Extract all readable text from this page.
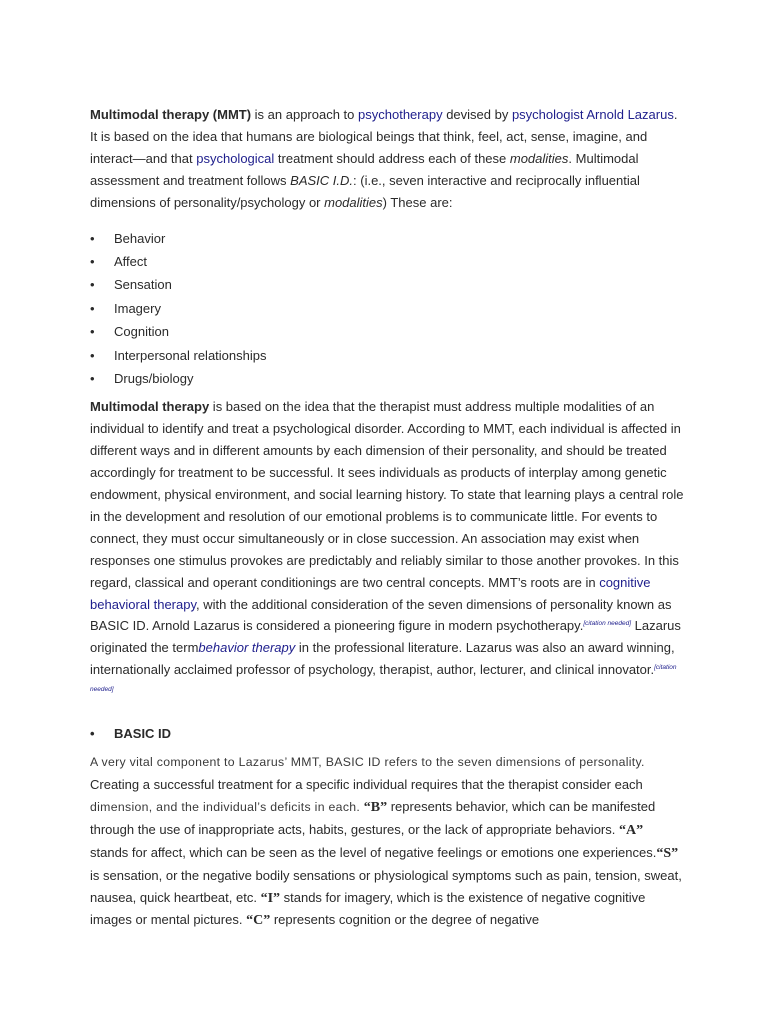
Multimodal therapy (MMT) is an approach to psychotherapy devised by psychologist Arnold Lazarus. It is based on the idea that humans are biological beings that think, feel, act, sense, imagine, and interact—and that psychological treatment should address each of these modalities. Multimodal assessment and treatment follows BASIC I.D.: (i.e., seven interactive and reciprocally influential dimensions of personality/psychology or modalities) These are:

• Behavior
• Affect
• Sensation
• Imagery
• Cognition
• Interpersonal relationships
• Drugs/biology

Multimodal therapy is based on the idea that the therapist must address multiple modalities of an individual to identify and treat a psychological disorder. According to MMT, each individual is affected in different ways and in different amounts by each dimension of their personality, and should be treated accordingly for treatment to be successful. It sees individuals as products of interplay among genetic endowment, physical environment, and social learning history. To state that learning plays a central role in the development and resolution of our emotional problems is to communicate little. For events to connect, they must occur simultaneously or in close succession. An association may exist when responses one stimulus provokes are predictably and reliably similar to those another provokes. In this regard, classical and operant conditionings are two central concepts. MMT’s roots are in cognitive behavioral therapy, with the additional consideration of the seven dimensions of personality known as BASIC ID. Arnold Lazarus is considered a pioneering figure in modern psychotherapy.[citation needed] Lazarus originated the termbehavior therapy in the professional literature. Lazarus was also an award winning, internationally acclaimed professor of psychology, therapist, author, lecturer, and clinical innovator.[citation needed]

• BASIC ID

A very vital component to Lazarus’ MMT, BASIC ID refers to the seven dimensions of personality. Creating a successful treatment for a specific individual requires that the therapist consider each dimension, and the individual’s deficits in each. “B” represents behavior, which can be manifested through the use of inappropriate acts, habits, gestures, or the lack of appropriate behaviors. “A” stands for affect, which can be seen as the level of negative feelings or emotions one experiences.“S” is sensation, or the negative bodily sensations or physiological symptoms such as pain, tension, sweat, nausea, quick heartbeat, etc. “I” stands for imagery, which is the existence of negative cognitive images or mental pictures. “C” represents cognition or the degree of negative
